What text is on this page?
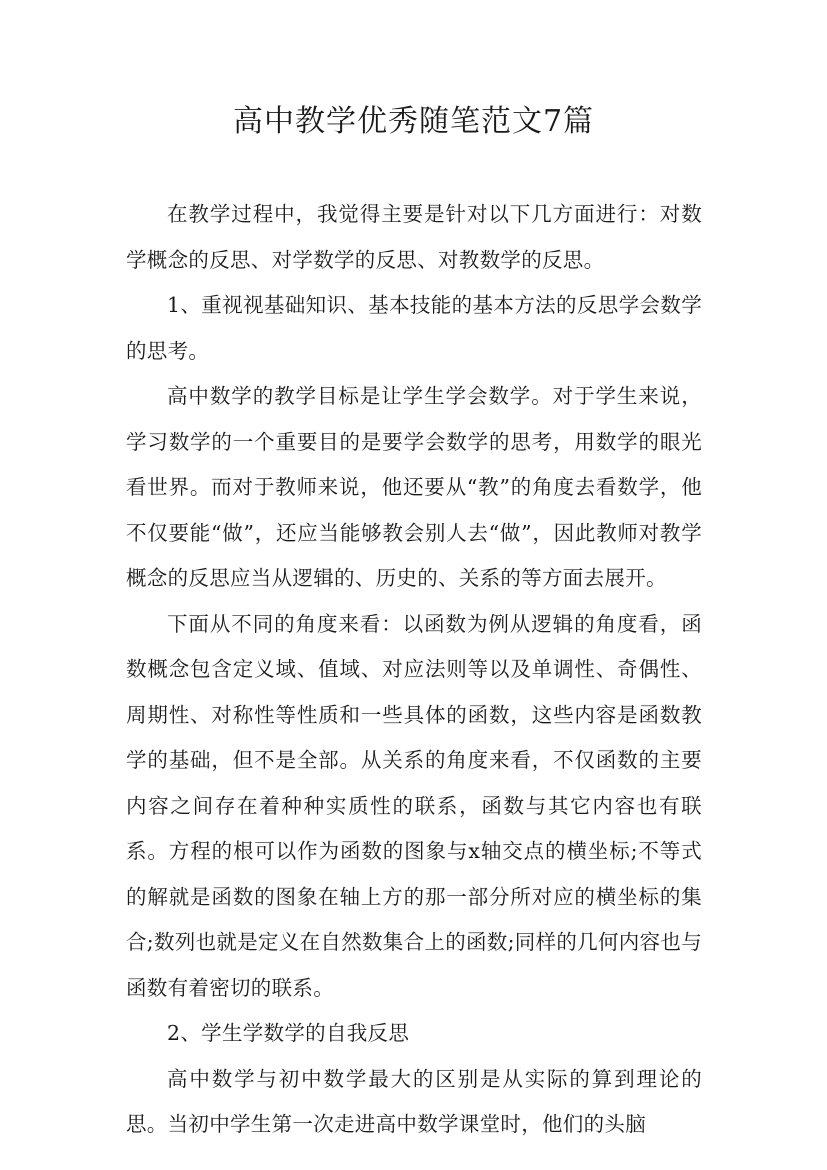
高中教学优秀随笔范文7篇

在教学过程中，我觉得主要是针对以下几方面进行：对数学概念的反思、对学数学的反思、对教数学的反思。

1、重视视基础知识、基本技能的基本方法的反思学会数学的思考。

高中数学的教学目标是让学生学会数学。对于学生来说，学习数学的一个重要目的是要学会数学的思考，用数学的眼光看世界。而对于教师来说，他还要从“教”的角度去看数学，他不仅要能“做”，还应当能够教会别人去“做”，因此教师对教学概念的反思应当从逻辑的、历史的、关系的等方面去展开。

下面从不同的角度来看：以函数为例从逻辑的角度看，函数概念包含定义域、值域、对应法则等以及单调性、奇偶性、周期性、对称性等性质和一些具体的函数，这些内容是函数教学的基础，但不是全部。从关系的角度来看，不仅函数的主要内容之间存在着种种实质性的联系，函数与其它内容也有联系。方程的根可以作为函数的图象与x轴交点的横坐标;不等式的解就是函数的图象在轴上方的那一部分所对应的横坐标的集合;数列也就是定义在自然数集合上的函数;同样的几何内容也与函数有着密切的联系。

2、学生学数学的自我反思

高中数学与初中数学最大的区别是从实际的算到理论的思。当初中学生第一次走进高中数学课堂时，他们的头脑
